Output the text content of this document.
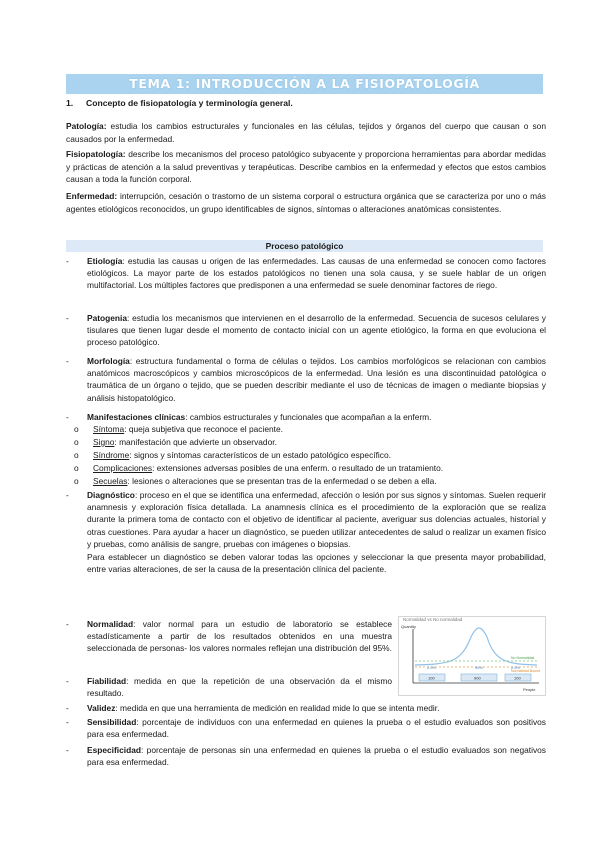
TEMA 1: INTRODUCCIÓN A LA FISIOPATOLOGÍA
1. Concepto de fisiopatología y terminología general.
Patología: estudia los cambios estructurales y funcionales en las células, tejidos y órganos del cuerpo que causan o son causados por la enfermedad.
Fisiopatología: describe los mecanismos del proceso patológico subyacente y proporciona herramientas para abordar medidas y prácticas de atención a la salud preventivas y terapéuticas. Describe cambios en la enfermedad y efectos que estos cambios causan a toda la función corporal.
Enfermedad: interrupción, cesación o trastorno de un sistema corporal o estructura orgánica que se caracteriza por uno o más agentes etiológicos reconocidos, un grupo identificables de signos, síntomas o alteraciones anatómicas consistentes.
Proceso patológico
-	Etiología: estudia las causas u origen de las enfermedades. Las causas de una enfermedad se conocen como factores etiológicos. La mayor parte de los estados patológicos no tienen una sola causa, y se suele hablar de un origen multifactorial. Los múltiples factores que predisponen a una enfermedad se suele denominar factores de riego.
-	Patogenia: estudia los mecanismos que intervienen en el desarrollo de la enfermedad. Secuencia de sucesos celulares y tisulares que tienen lugar desde el momento de contacto inicial con un agente etiológico, la forma en que evoluciona el proceso patológico.
-	Morfología: estructura fundamental o forma de células o tejidos. Los cambios morfológicos se relacionan con cambios anatómicos macroscópicos y cambios microscópicos de la enfermedad. Una lesión es una discontinuidad patológica o traumática de un órgano o tejido, que se pueden describir mediante el uso de técnicas de imagen o mediante biopsias y análisis histopatológico.
-	Manifestaciones clínicas: cambios estructurales y funcionales que acompañan a la enferm.
o Síntoma: queja subjetiva que reconoce el paciente.
o Signo: manifestación que advierte un observador.
o Síndrome: signos y síntomas característicos de un estado patológico específico.
o Complicaciones: extensiones adversas posibles de una enferm. o resultado de un tratamiento.
o Secuelas: lesiones o alteraciones que se presentan tras de la enfermedad o se deben a ella.
-	Diagnóstico: proceso en el que se identifica una enfermedad, afección o lesión por sus signos y síntomas. Suelen requerir anamnesis y exploración física detallada. La anamnesis clínica es el procedimiento de la exploración que se realiza durante la primera toma de contacto con el objetivo de identificar al paciente, averiguar sus dolencias actuales, historial y otras cuestiones. Para ayudar a hacer un diagnóstico, se pueden utilizar antecedentes de salud o realizar un examen físico y pruebas, como análisis de sangre, pruebas con imágenes o biopsias.
Para establecer un diagnóstico se deben valorar todas las opciones y seleccionar la que presenta mayor probabilidad, entre varias alteraciones, de ser la causa de la presentación clínica del paciente.
-	Normalidad: valor normal para un estudio de laboratorio se establece estadísticamente a partir de los resultados obtenidos en una muestra seleccionada de personas- los valores normales reflejan una distribución del 95%.
-	Fiabilidad: medida en que la repetición de una observación da el mismo resultado.
-	Validez: medida en que una herramienta de medición en realidad mide lo que se intenta medir.
-	Sensibilidad: porcentaje de individuos con una enfermedad en quienes la prueba o el estudio evaluados son positivos para esa enfermedad.
-	Especificidad: porcentaje de personas sin una enfermedad en quienes la prueba o el estudio evaluados son negativos para esa enfermedad.
Normalidad vs No normalidad
Quantity
People
2.5%	95%	2.5%
100	900	100
No Normalidad
Normalidad Bound
